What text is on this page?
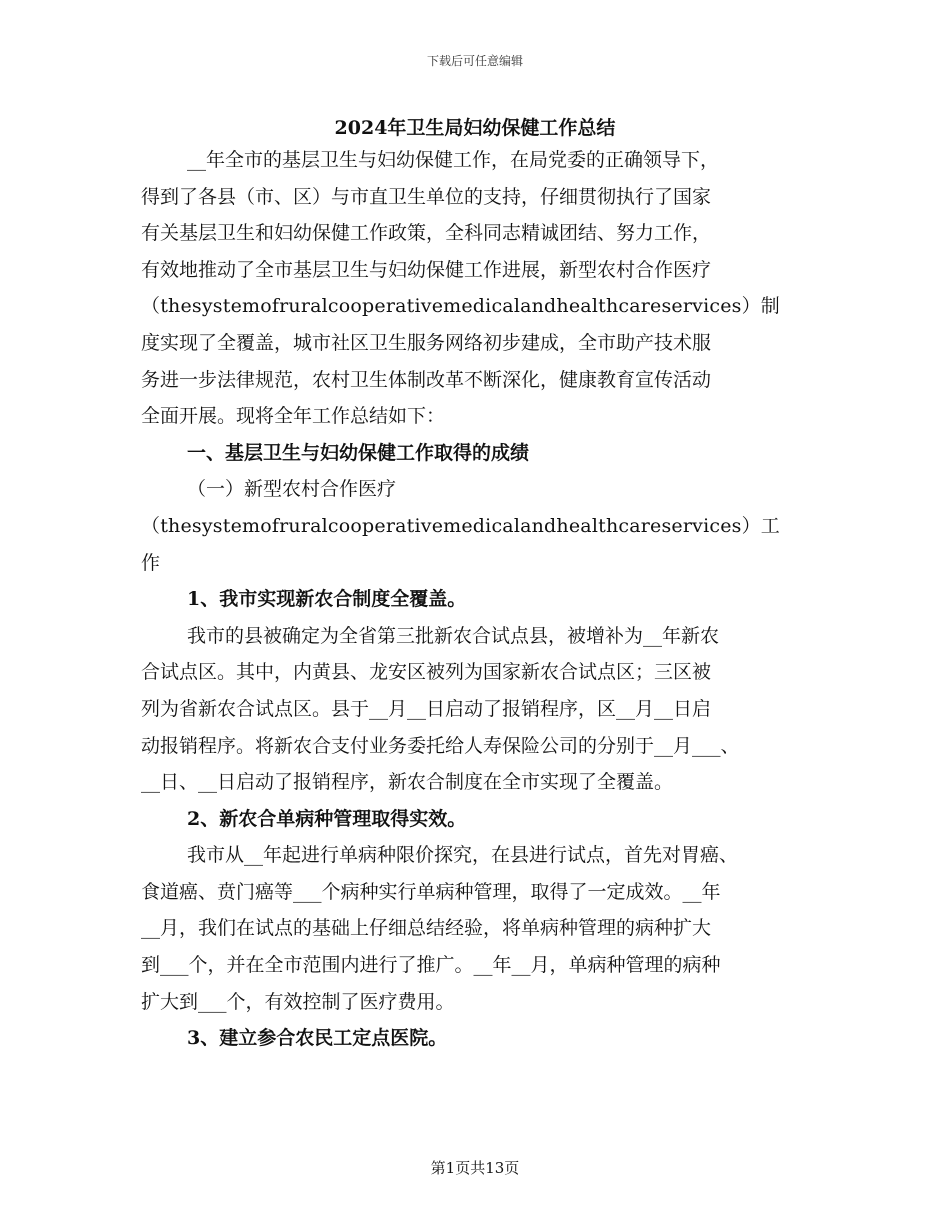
下载后可任意编辑
2024年卫生局妇幼保健工作总结
__年全市的基层卫生与妇幼保健工作，在局党委的正确领导下，
得到了各县（市、区）与市直卫生单位的支持，仔细贯彻执行了国家
有关基层卫生和妇幼保健工作政策，全科同志精诚团结、努力工作，
有效地推动了全市基层卫生与妇幼保健工作进展，新型农村合作医疗
（thesystemofruralcooperativemedicalandhealthcareservices）制
度实现了全覆盖，城市社区卫生服务网络初步建成，全市助产技术服
务进一步法律规范，农村卫生体制改革不断深化，健康教育宣传活动
全面开展。现将全年工作总结如下：
一、基层卫生与妇幼保健工作取得的成绩
（一）新型农村合作医疗
（thesystemofruralcooperativemedicalandhealthcareservices）工
作
1、我市实现新农合制度全覆盖。
我市的县被确定为全省第三批新农合试点县，被增补为__年新农
合试点区。其中，内黄县、龙安区被列为国家新农合试点区；三区被
列为省新农合试点区。县于__月__日启动了报销程序，区__月__日启
动报销程序。将新农合支付业务委托给人寿保险公司的分别于__月___、
__日、__日启动了报销程序，新农合制度在全市实现了全覆盖。
2、新农合单病种管理取得实效。
我市从__年起进行单病种限价探究，在县进行试点，首先对胃癌、
食道癌、贲门癌等___个病种实行单病种管理，取得了一定成效。__年
__月，我们在试点的基础上仔细总结经验，将单病种管理的病种扩大
到___个，并在全市范围内进行了推广。__年__月，单病种管理的病种
扩大到___个，有效控制了医疗费用。
3、建立参合农民工定点医院。
第1页共13页
